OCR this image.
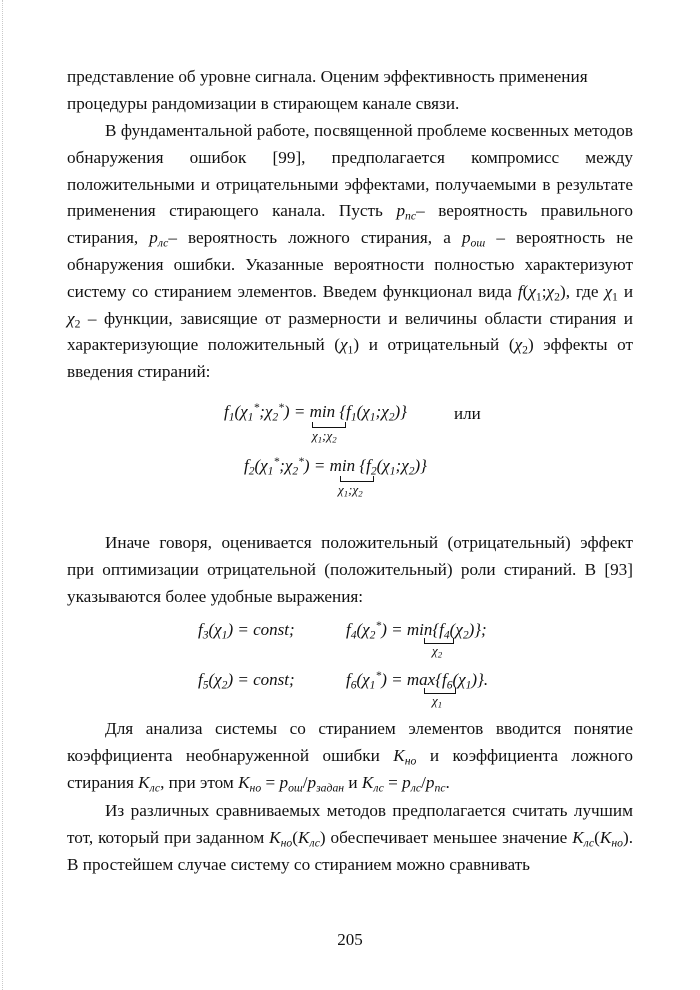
представление об уровне сигнала. Оценим эффективность применения
процедуры рандомизации в стирающем канале связи.

В фундаментальной работе, посвященной проблеме косвенных методов обнаружения ошибок [99], предполагается компромисс между положительными и отрицательными эффектами, получаемыми в результате применения стирающего канала. Пусть $p_{пс}-$ вероятность правильного стирания, $p_{лс}-$ вероятность ложного стирания, а $p_{ош}$ – вероятность не обнаружения ошибки. Указанные вероятности полностью характеризуют систему со стиранием элементов. Введем функционал вида $f(\chi_1;\chi_2)$, где $\chi_1$ и $\chi_2$ – функции, зависящие от размерности и величины области стирания и характеризующие положительный $(\chi_1)$ и отрицательный $(\chi_2)$ эффекты от введения стираний:

$f_1(\chi_1^*;\chi_2^*) = \min$ $\{f_1(\chi_1;\chi_2)\}$
$\chi_1;\chi_2$
или
$f_2(\chi_1^*;\chi_2^*) = \min$ $\{f_2(\chi_1;\chi_2)\}$
$\chi_1;\chi_2$

Иначе говоря, оценивается положительный (отрицательный) эффект при оптимизации отрицательной (положительный) роли стираний. В [93] указываются более удобные выражения:

$f_3(\chi_1)$ = const;	$f_4(\chi_2^*) = \min\{f_4(\chi_2)\}$;
$\chi_2$
$f_5(\chi_2)$ = const;	$f_6(\chi_1^*) = \max\{f_6(\chi_1)\}$.
$\chi_1$

Для анализа системы со стиранием элементов вводится понятие коэффициента необнаруженной ошибки $K_{но}$ и коэффициента ложного стирания $K_{лс}$, при этом $K_{но} = p_{ош}/p_{задан}$ и $K_{лс} = p_{лс}/p_{пс}$.

Из различных сравниваемых методов предполагается считать лучшим тот, который при заданном $K_{но}(K_{лс})$ обеспечивает меньшее значение $K_{лс}(K_{но})$. В простейшем случае систему со стиранием можно сравнивать

205
